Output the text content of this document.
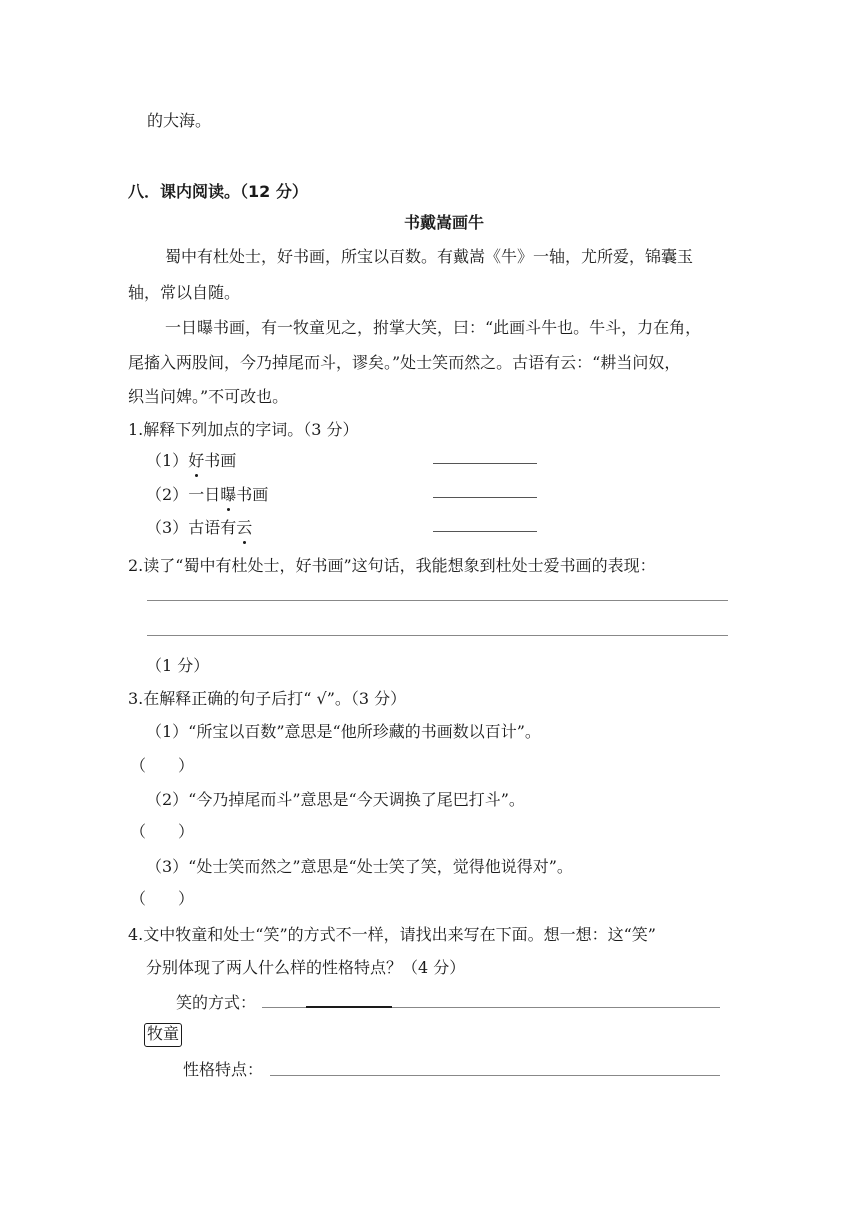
的大海。
八．课内阅读。（12 分）
书戴嵩画牛
蜀中有杜处士，好书画，所宝以百数。有戴嵩《牛》一轴，尤所爱，锦囊玉
轴，常以自随。
一日曝书画，有一牧童见之，拊掌大笑，曰：“此画斗牛也。牛斗，力在角，
尾搐入两股间，今乃掉尾而斗，谬矣。”处士笑而然之。古语有云：“耕当问奴，
织当问婢。”不可改也。
1.解释下列加点的字词。（3 分）
（1）好书画
（2）一日曝书画
（3）古语有云
2.读了“蜀中有杜处士，好书画”这句话，我能想象到杜处士爱书画的表现：
（1 分）
3.在解释正确的句子后打“ √”。（3 分）
（1）“所宝以百数”意思是“他所珍藏的书画数以百计”。
（　　）
（2）“今乃掉尾而斗”意思是“今天调换了尾巴打斗”。
（　　）
（3）“处士笑而然之”意思是“处士笑了笑，觉得他说得对”。
（　　）
4.文中牧童和处士“笑”的方式不一样，请找出来写在下面。想一想：这“笑”
分别体现了两人什么样的性格特点？（4 分）
笑的方式：
牧童
性格特点：
